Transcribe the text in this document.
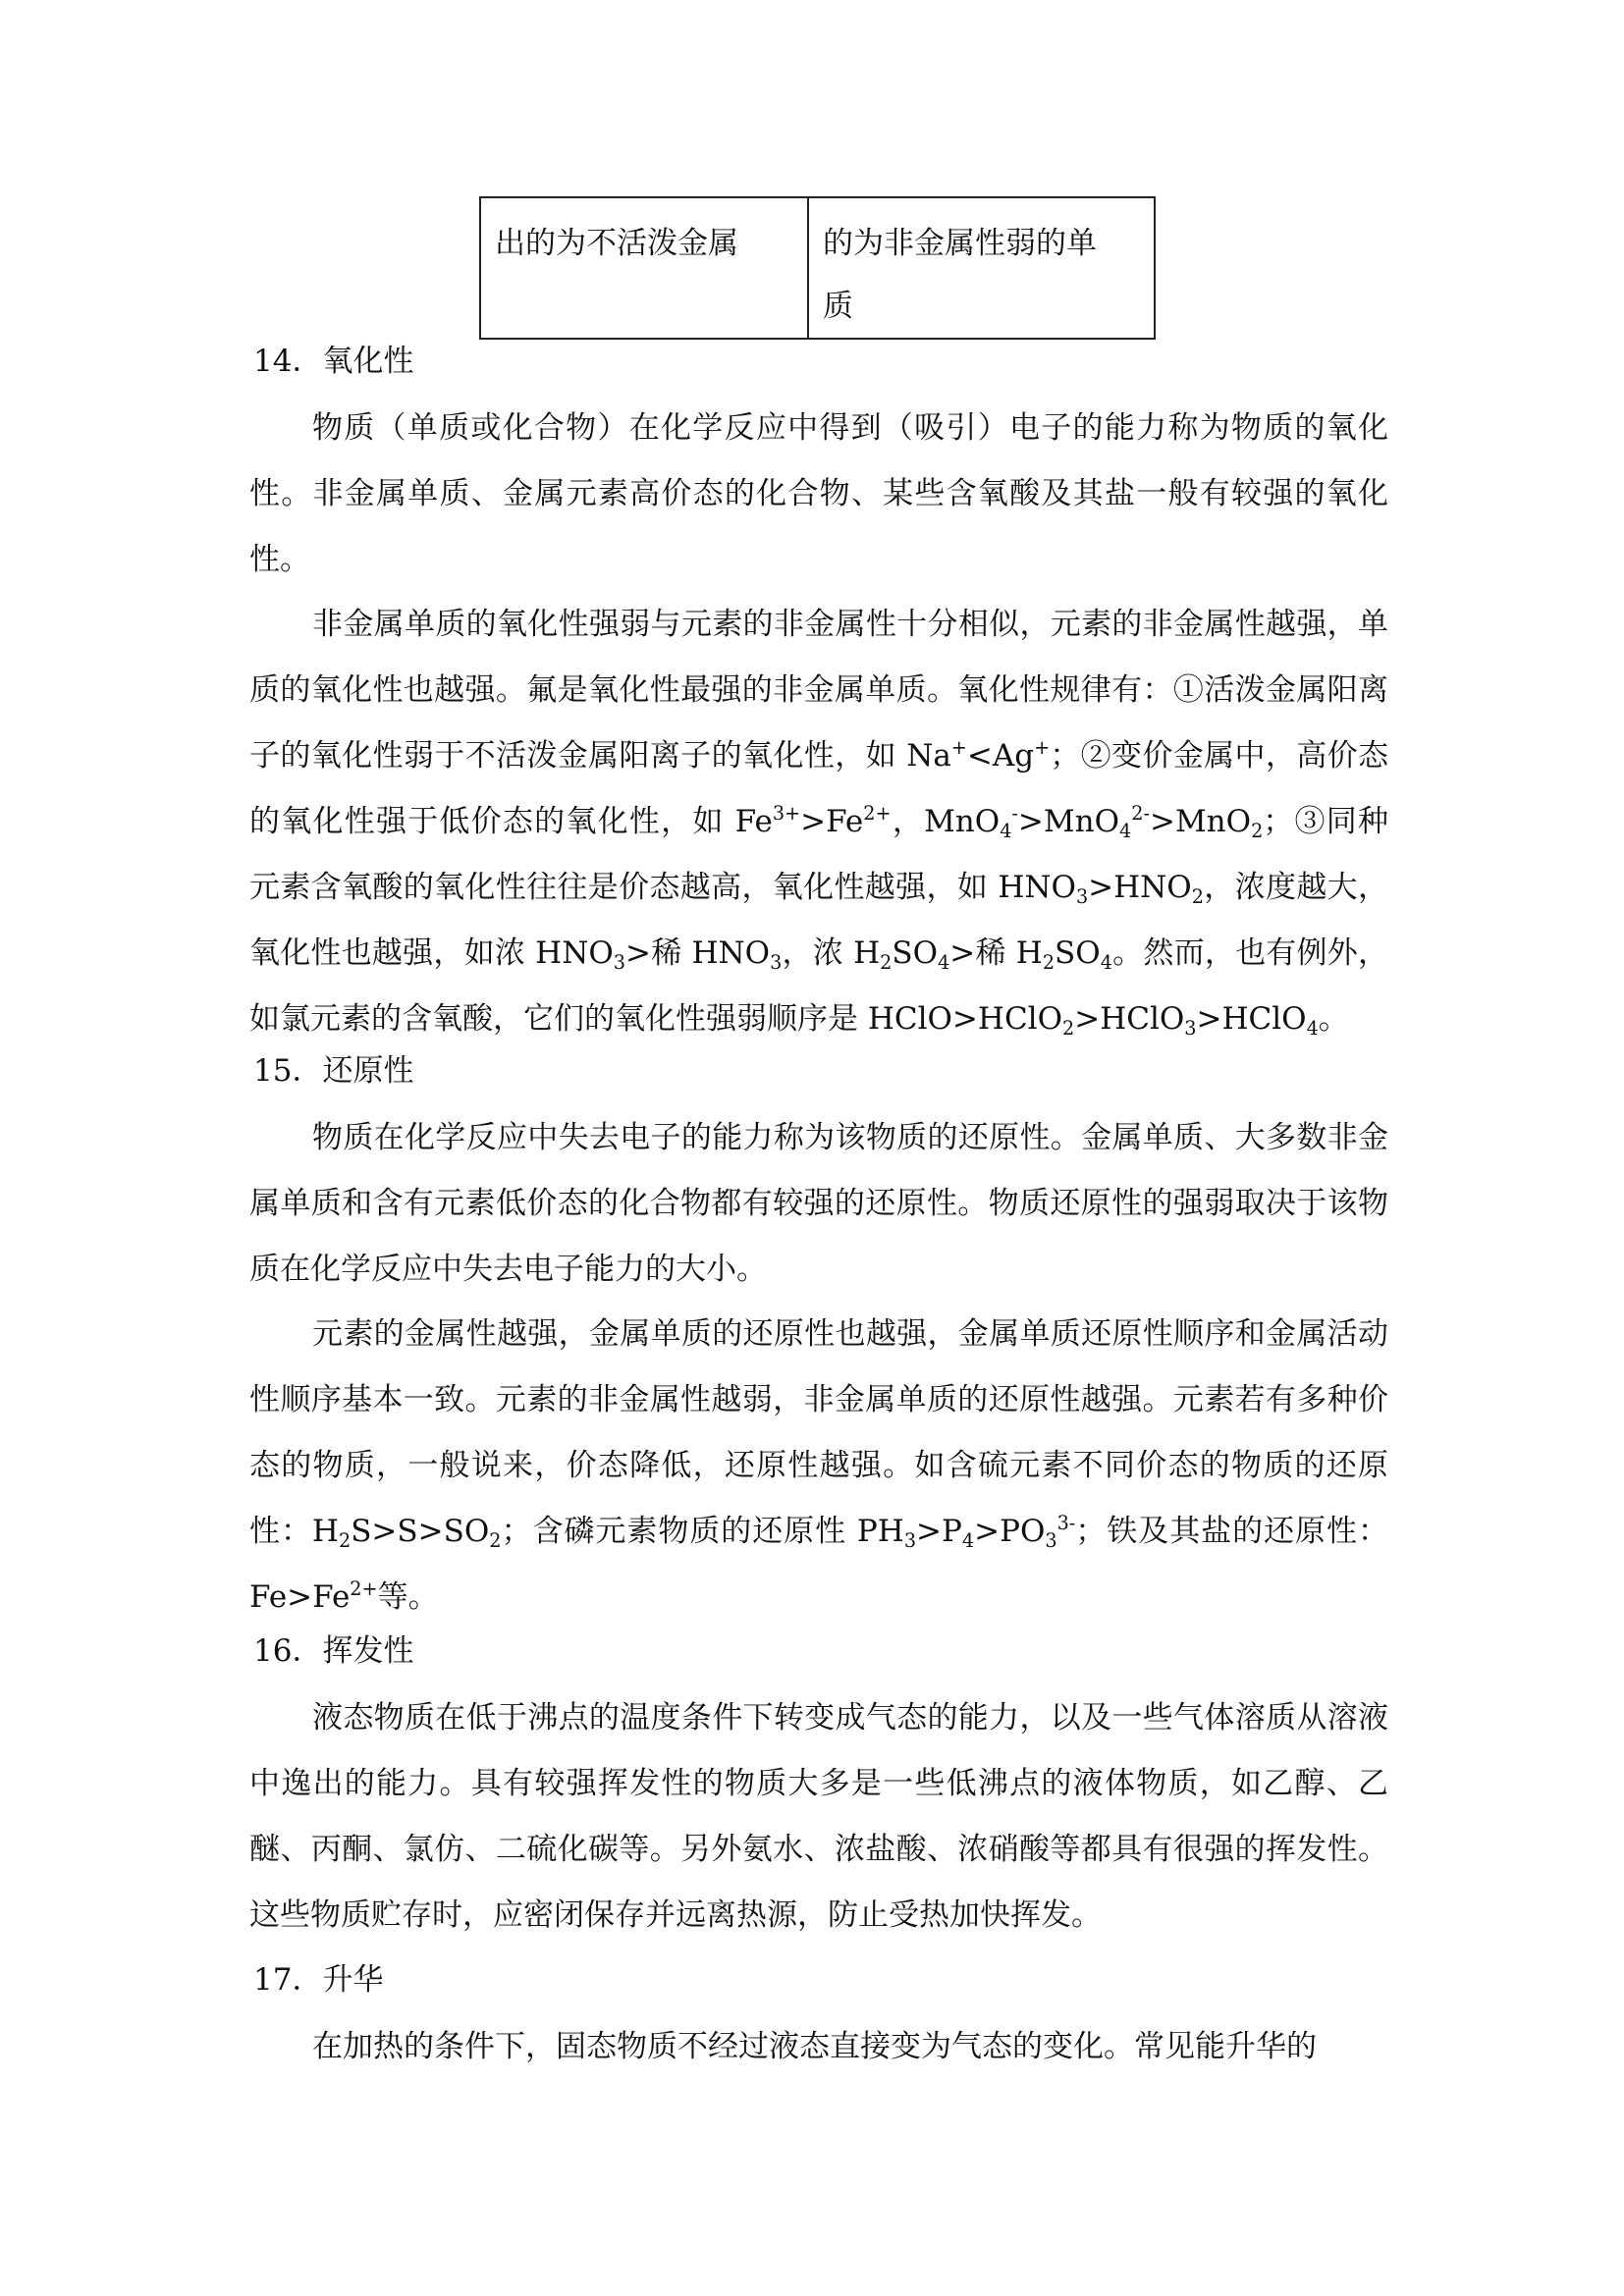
出的为不活泼金属	的为非金属性弱的单
质
14．氧化性

物质（单质或化合物）在化学反应中得到（吸引）电子的能力称为物质的氧化性。非金属单质、金属元素高价态的化合物、某些含氧酸及其盐一般有较强的氧化性。

非金属单质的氧化性强弱与元素的非金属性十分相似，元素的非金属性越强，单质的氧化性也越强。氟是氧化性最强的非金属单质。氧化性规律有：①活泼金属阳离子的氧化性弱于不活泼金属阳离子的氧化性，如 Na+<Ag+；②变价金属中，高价态的氧化性强于低价态的氧化性，如 $Fe^{3+}>Fe^{2+}$，MnO$_4$->MnO$_4^{2-}$>MnO$_2$；③同种元素含氧酸的氧化性往往是价态越高，氧化性越强，如 $HNO_3>HNO_2$，浓度越大，氧化性也越强，如浓 $HNO_3>$稀 $HNO_3$，浓 $H_2SO_4>$稀 $H_2SO_4$。然而，也有例外，如氯元素的含氧酸，它们的氧化性强弱顺序是 HClO>HClO$_2$>HClO$_3$>HClO$_4$。

15．还原性

物质在化学反应中失去电子的能力称为该物质的还原性。金属单质、大多数非金属单质和含有元素低价态的化合物都有较强的还原性。物质还原性的强弱取决于该物质在化学反应中失去电子能力的大小。

元素的金属性越强，金属单质的还原性也越强，金属单质还原性顺序和金属活动性顺序基本一致。元素的非金属性越弱，非金属单质的还原性越强。元素若有多种价态的物质，一般说来，价态降低，还原性越强。如含硫元素不同价态的物质的还原性：$H_2S>S>SO_2$；含磷元素物质的还原性 $PH_3>P_4>PO_3^{3-}$；铁及其盐的还原性：$Fe>Fe^{2+}$等。

16．挥发性

液态物质在低于沸点的温度条件下转变成气态的能力，以及一些气体溶质从溶液中逸出的能力。具有较强挥发性的物质大多是一些低沸点的液体物质，如乙醇、乙醚、丙酮、氯仿、二硫化碳等。另外氨水、浓盐酸、浓硝酸等都具有很强的挥发性。这些物质贮存时，应密闭保存并远离热源，防止受热加快挥发。

17．升华

在加热的条件下，固态物质不经过液态直接变为气态的变化。常见能升华的
